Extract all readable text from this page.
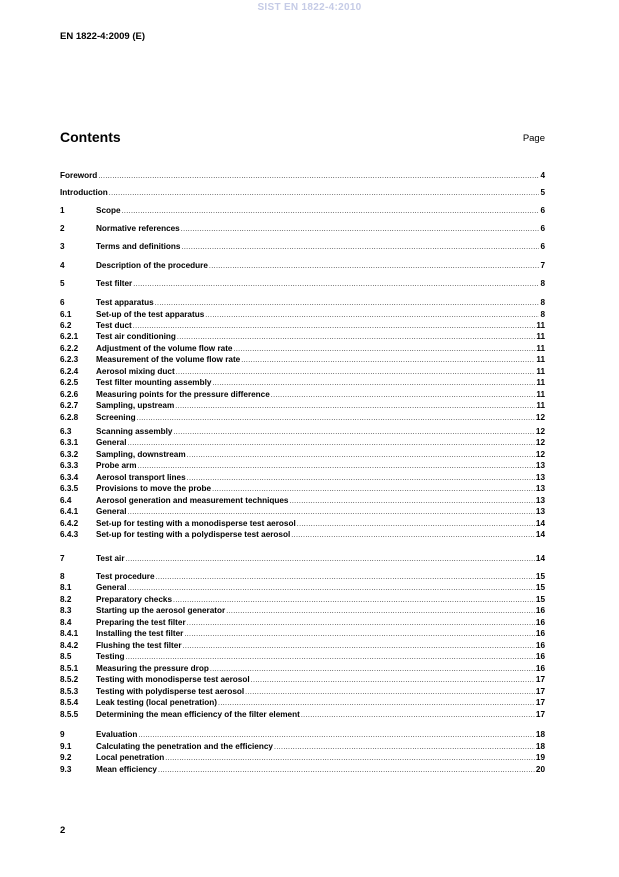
SIST EN 1822-4:2010
EN 1822-4:2009 (E)
Contents	Page
Foreword .....	4
Introduction .....	5
1	Scope .....	6
2	Normative references .....	6
3	Terms and definitions .....	6
4	Description of the procedure .....	7
5	Test filter .....	8
6	Test apparatus .....	8
6.1	Set-up of the test apparatus .....	8
6.2	Test duct .....	11
6.2.1	Test air conditioning .....	11
6.2.2	Adjustment of the volume flow rate .....	11
6.2.3	Measurement of the volume flow rate .....	11
6.2.4	Aerosol mixing duct .....	11
6.2.5	Test filter mounting assembly .....	11
6.2.6	Measuring points for the pressure difference .....	11
6.2.7	Sampling, upstream .....	11
6.2.8	Screening .....	12
6.3	Scanning assembly .....	12
6.3.1	General .....	12
6.3.2	Sampling, downstream .....	12
6.3.3	Probe arm .....	13
6.3.4	Aerosol transport lines .....	13
6.3.5	Provisions to move the probe .....	13
6.4	Aerosol generation and measurement techniques .....	13
6.4.1	General .....	13
6.4.2	Set-up for testing with a monodisperse test aerosol .....	14
6.4.3	Set-up for testing with a polydisperse test aerosol .....	14
7	Test air .....	14
8	Test procedure .....	15
8.1	General .....	15
8.2	Preparatory checks .....	15
8.3	Starting up the aerosol generator .....	16
8.4	Preparing the test filter .....	16
8.4.1	Installing the test filter .....	16
8.4.2	Flushing the test filter .....	16
8.5	Testing .....	16
8.5.1	Measuring the pressure drop .....	16
8.5.2	Testing with monodisperse test aerosol .....	17
8.5.3	Testing with polydisperse test aerosol .....	17
8.5.4	Leak testing (local penetration) .....	17
8.5.5	Determining the mean efficiency of the filter element .....	17
9	Evaluation .....	18
9.1	Calculating the penetration and the efficiency .....	18
9.2	Local penetration .....	19
9.3	Mean efficiency .....	20
2
